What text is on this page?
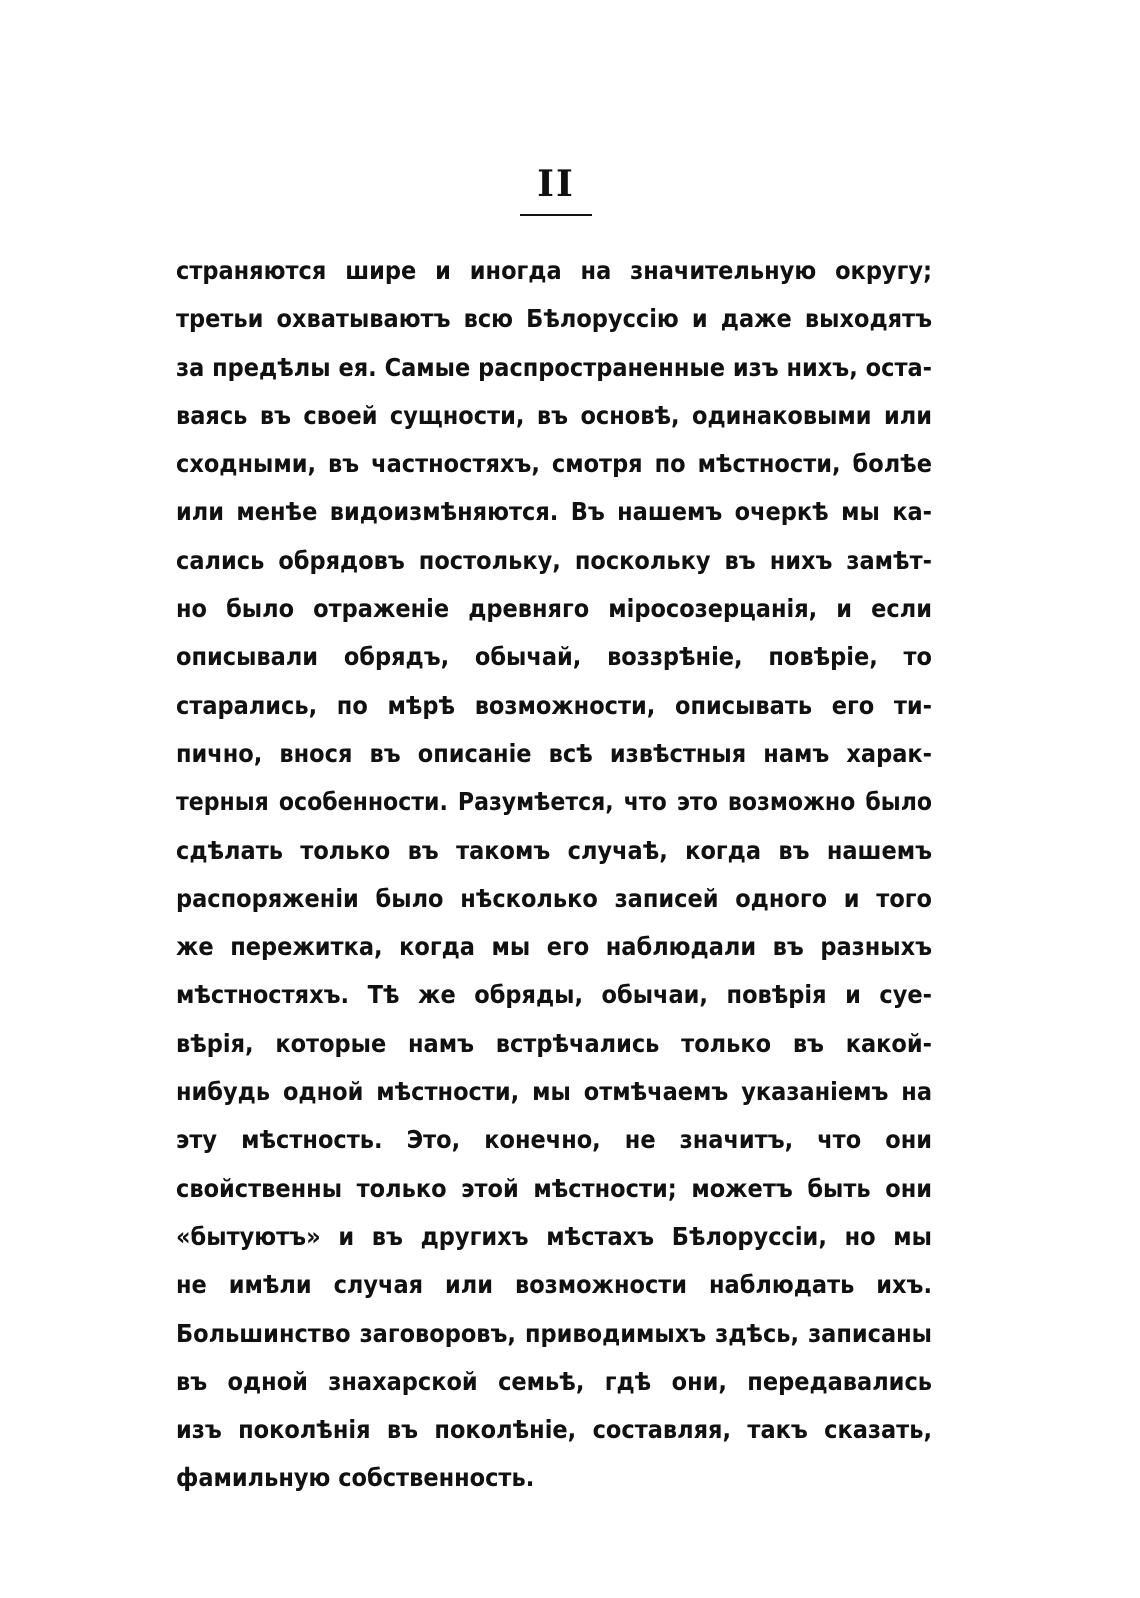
II
страняются шире и иногда на значительную округу;
третьи охватываютъ всю Бѣлоруссію и даже выходятъ
за предѣлы ея. Самые распространенные изъ нихъ, оста-
ваясь въ своей сущности, въ основѣ, одинаковыми или
сходными, въ частностяхъ, смотря по мѣстности, болѣе
или менѣе видоизмѣняются. Въ нашемъ очеркѣ мы ка-
сались обрядовъ постольку, поскольку въ нихъ замѣт-
но было отраженіе древняго міросозерцанія, и если
описывали обрядъ, обычай, воззрѣніе, повѣріе, то
старались, по мѣрѣ возможности, описывать его ти-
пично, внося въ описаніе всѣ извѣстныя намъ харак-
терныя особенности. Разумѣется, что это возможно было
сдѣлать только въ такомъ случаѣ, когда въ нашемъ
распоряженіи было нѣсколько записей одного и того
же пережитка, когда мы его наблюдали въ разныхъ
мѣстностяхъ. Тѣ же обряды, обычаи, повѣрія и суе-
вѣрія, которые намъ встрѣчались только въ какой-
нибудь одной мѣстности, мы отмѣчаемъ указаніемъ на
эту мѣстность. Это, конечно, не значитъ, что они
свойственны только этой мѣстности; можетъ быть они
«бытуютъ» и въ другихъ мѣстахъ Бѣлоруссіи, но мы
не имѣли случая или возможности наблюдать ихъ.
Большинство заговоровъ, приводимыхъ здѣсь, записаны
въ одной знахарской семьѣ, гдѣ они, передавались
изъ поколѣнія въ поколѣніе, составляя, такъ сказать,
фамильную собственность.
